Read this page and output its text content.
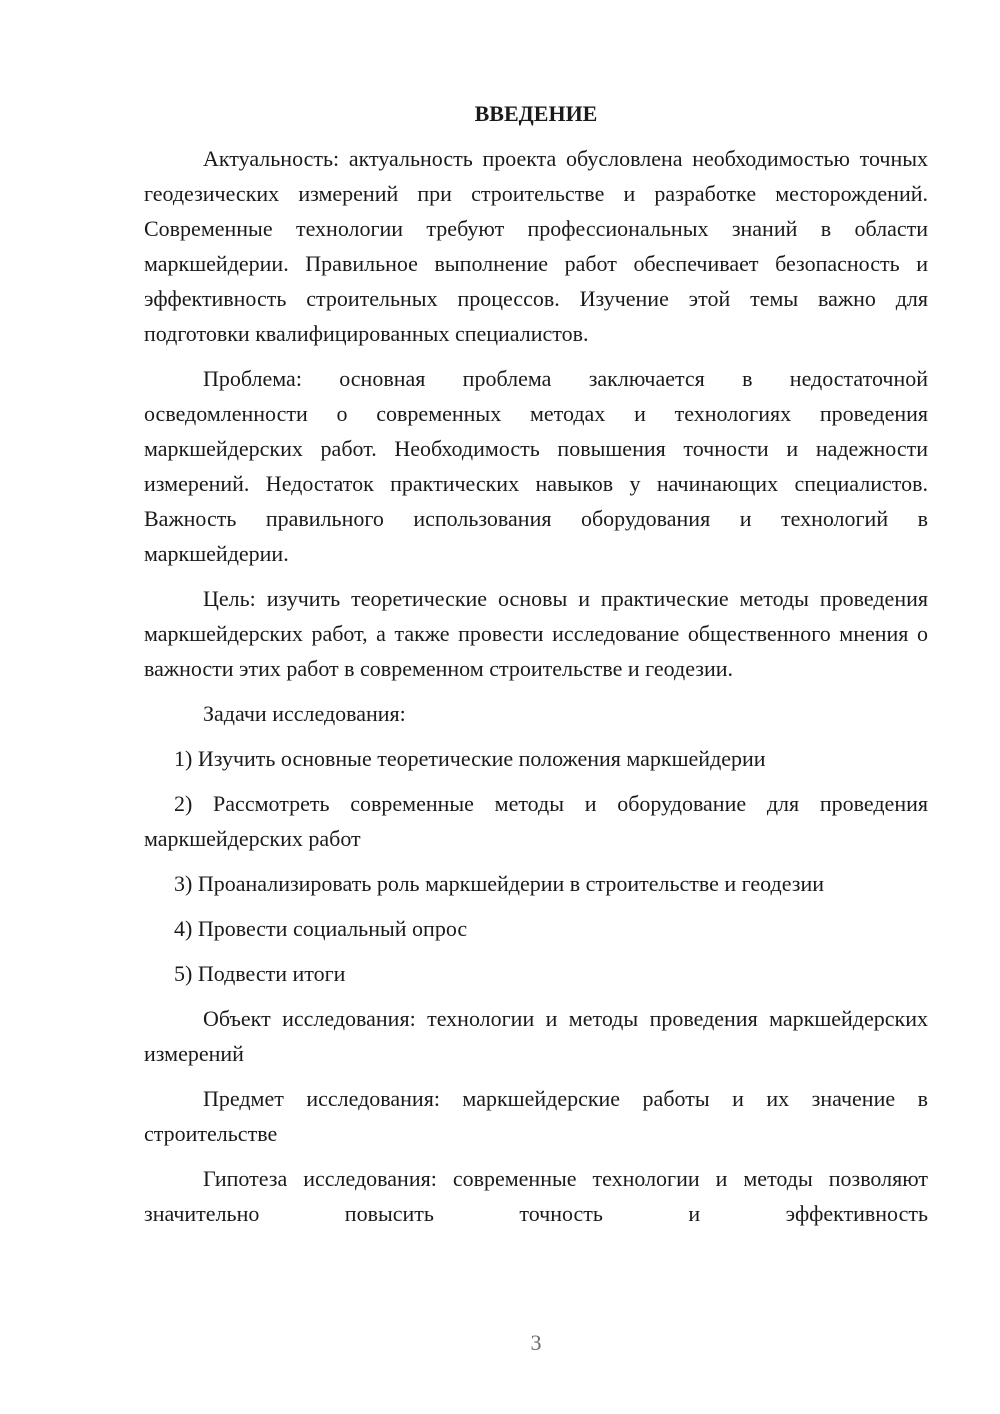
ВВЕДЕНИЕ

Актуальность: актуальность проекта обусловлена необходимостью точных геодезических измерений при строительстве и разработке месторождений. Современные технологии требуют профессиональных знаний в области маркшейдерии. Правильное выполнение работ обеспечивает безопасность и эффективность строительных процессов. Изучение этой темы важно для подготовки квалифицированных специалистов.

Проблема: основная проблема заключается в недостаточной осведомленности о современных методах и технологиях проведения маркшейдерских работ. Необходимость повышения точности и надежности измерений. Недостаток практических навыков у начинающих специалистов. Важность правильного использования оборудования и технологий в маркшейдерии.

Цель: изучить теоретические основы и практические методы проведения маркшейдерских работ, а также провести исследование общественного мнения о важности этих работ в современном строительстве и геодезии.

Задачи исследования:

1) Изучить основные теоретические положения маркшейдерии

2) Рассмотреть современные методы и оборудование для проведения маркшейдерских работ

3) Проанализировать роль маркшейдерии в строительстве и геодезии

4) Провести социальный опрос

5) Подвести итоги

Объект исследования: технологии и методы проведения маркшейдерских измерений

Предмет исследования: маркшейдерские работы и их значение в строительстве

Гипотеза исследования: современные технологии и методы позволяют значительно повысить точность и эффективность

3
